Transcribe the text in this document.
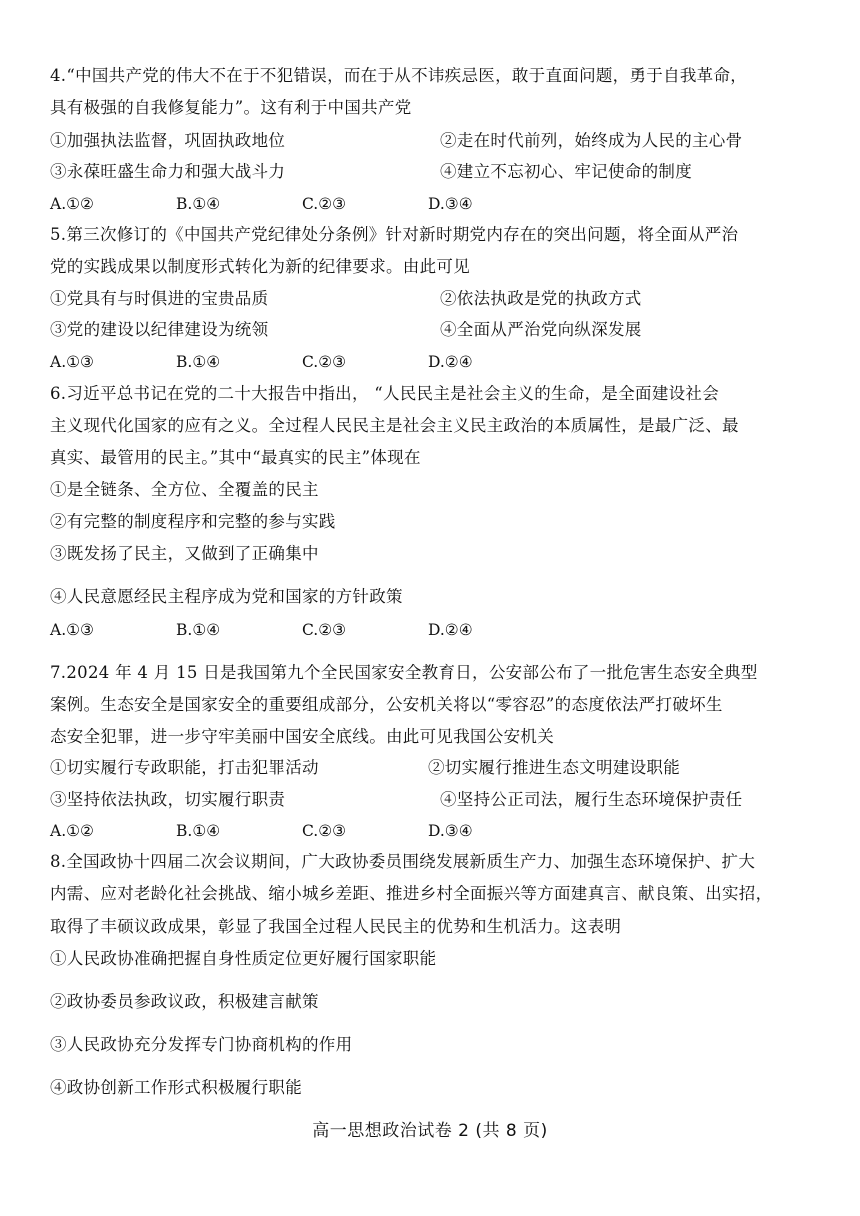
4.“中国共产党的伟大不在于不犯错误，而在于从不讳疾忌医，敢于直面问题，勇于自我革命，
具有极强的自我修复能力”。这有利于中国共产党
①加强执法监督，巩固执政地位	②走在时代前列，始终成为人民的主心骨
③永葆旺盛生命力和强大战斗力	④建立不忘初心、牢记使命的制度
A.①②	B.①④	C.②③	D.③④
5.第三次修订的《中国共产党纪律处分条例》针对新时期党内存在的突出问题，将全面从严治
党的实践成果以制度形式转化为新的纪律要求。由此可见
①党具有与时俱进的宝贵品质	②依法执政是党的执政方式
③党的建设以纪律建设为统领	④全面从严治党向纵深发展
A.①③	B.①④	C.②③	D.②④
6.习近平总书记在党的二十大报告中指出， “人民民主是社会主义的生命，是全面建设社会
主义现代化国家的应有之义。全过程人民民主是社会主义民主政治的本质属性，是最广泛、最
真实、最管用的民主。”其中“最真实的民主”体现在
①是全链条、全方位、全覆盖的民主
②有完整的制度程序和完整的参与实践
③既发扬了民主，又做到了正确集中
④人民意愿经民主程序成为党和国家的方针政策
A.①③	B.①④	C.②③	D.②④
7.2024 年 4 月 15 日是我国第九个全民国家安全教育日，公安部公布了一批危害生态安全典型
案例。生态安全是国家安全的重要组成部分，公安机关将以“零容忍”的态度依法严打破坏生
态安全犯罪，进一步守牢美丽中国安全底线。由此可见我国公安机关
①切实履行专政职能，打击犯罪活动	②切实履行推进生态文明建设职能
③坚持依法执政，切实履行职责	④坚持公正司法，履行生态环境保护责任
A.①②	B.①④	C.②③	D.③④
8.全国政协十四届二次会议期间，广大政协委员围绕发展新质生产力、加强生态环境保护、扩大
内需、应对老龄化社会挑战、缩小城乡差距、推进乡村全面振兴等方面建真言、献良策、出实招，
取得了丰硕议政成果，彰显了我国全过程人民民主的优势和生机活力。这表明
①人民政协准确把握自身性质定位更好履行国家职能
②政协委员参政议政，积极建言献策
③人民政协充分发挥专门协商机构的作用
④政协创新工作形式积极履行职能
高一思想政治试卷 2 (共 8 页)
